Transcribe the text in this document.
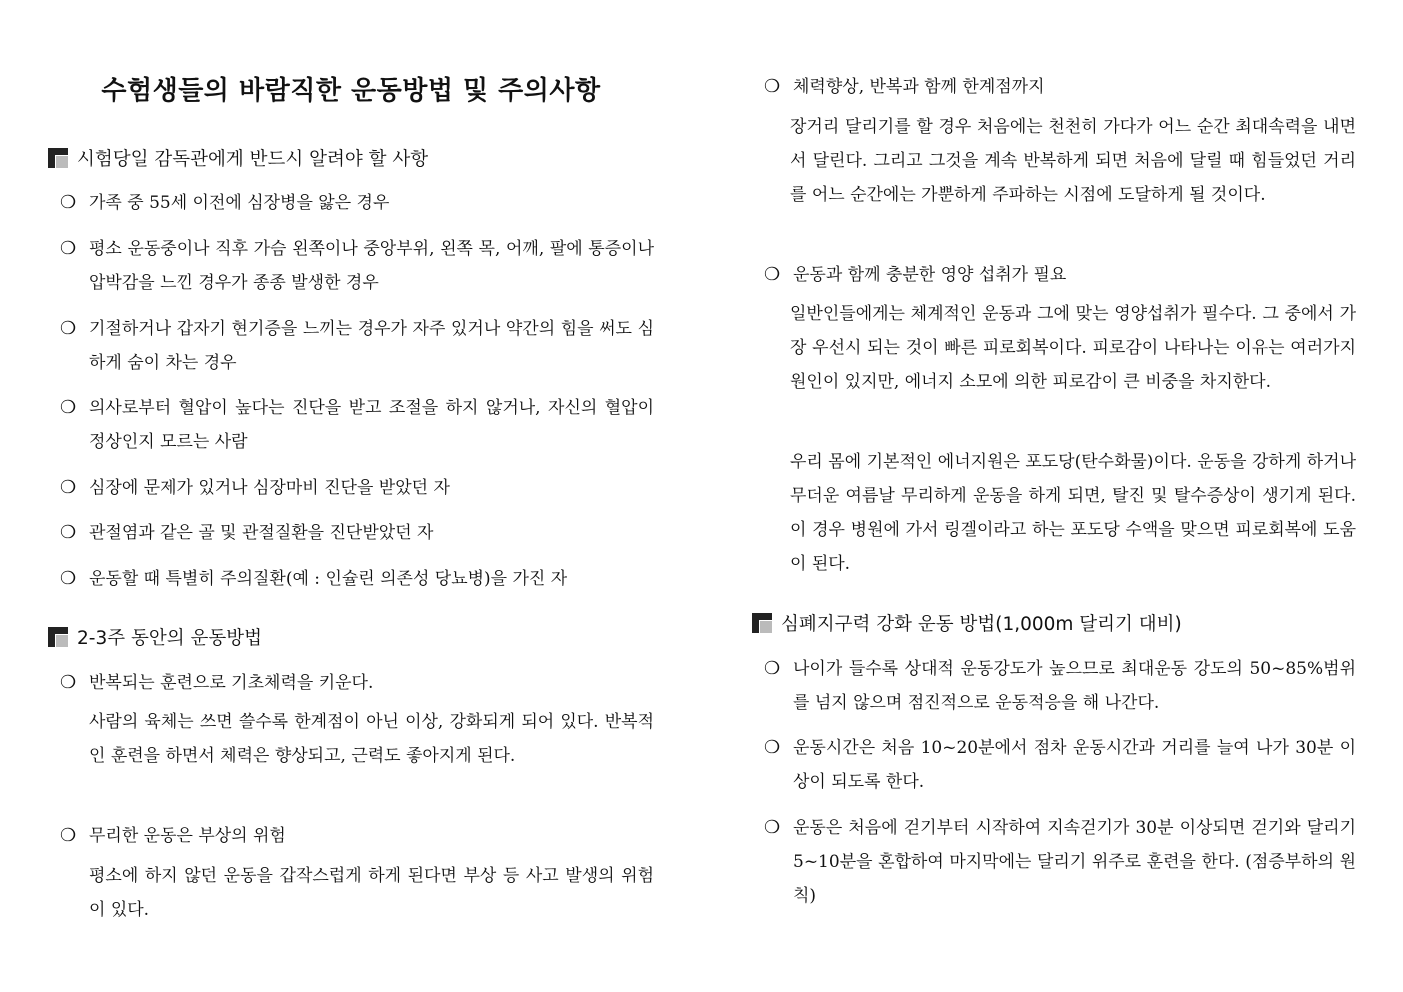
수험생들의 바람직한 운동방법 및 주의사항
시험당일 감독관에게 반드시 알려야 할 사항
❍ 가족 중 55세 이전에 심장병을 앓은 경우
❍ 평소 운동중이나 직후 가슴 왼쪽이나 중앙부위, 왼쪽 목, 어깨, 팔에 통증이나 압박감을 느낀 경우가 종종 발생한 경우
❍ 기절하거나 갑자기 현기증을 느끼는 경우가 자주 있거나 약간의 힘을 써도 심하게 숨이 차는 경우
❍ 의사로부터 혈압이 높다는 진단을 받고 조절을 하지 않거나, 자신의 혈압이 정상인지 모르는 사람
❍ 심장에 문제가 있거나 심장마비 진단을 받았던 자
❍ 관절염과 같은 골 및 관절질환을 진단받았던 자
❍ 운동할 때 특별히 주의질환(예 : 인슐린 의존성 당뇨병)을 가진 자
2-3주 동안의 운동방법
❍ 반복되는 훈련으로 기초체력을 키운다.

사람의 육체는 쓰면 쓸수록 한계점이 아닌 이상, 강화되게 되어 있다. 반복적인 훈련을 하면서 체력은 향상되고, 근력도 좋아지게 된다.

❍ 무리한 운동은 부상의 위험

평소에 하지 않던 운동을 갑작스럽게 하게 된다면 부상 등 사고 발생의 위험이 있다.

❍ 체력향상, 반복과 함께 한계점까지

장거리 달리기를 할 경우 처음에는 천천히 가다가 어느 순간 최대속력을 내면서 달린다. 그리고 그것을 계속 반복하게 되면 처음에 달릴 때 힘들었던 거리를 어느 순간에는 가뿐하게 주파하는 시점에 도달하게 될 것이다.

❍ 운동과 함께 충분한 영양 섭취가 필요

일반인들에게는 체계적인 운동과 그에 맞는 영양섭취가 필수다. 그 중에서 가장 우선시 되는 것이 빠른 피로회복이다. 피로감이 나타나는 이유는 여러가지 원인이 있지만, 에너지 소모에 의한 피로감이 큰 비중을 차지한다.

우리 몸에 기본적인 에너지원은 포도당(탄수화물)이다. 운동을 강하게 하거나 무더운 여름날 무리하게 운동을 하게 되면, 탈진 및 탈수증상이 생기게 된다. 이 경우 병원에 가서 링겔이라고 하는 포도당 수액을 맞으면 피로회복에 도움이 된다.

심폐지구력 강화 운동 방법(1,000m 달리기 대비)
❍ 나이가 들수록 상대적 운동강도가 높으므로 최대운동 강도의 50~85%범위를 넘지 않으며 점진적으로 운동적응을 해 나간다.
❍ 운동시간은 처음 10~20분에서 점차 운동시간과 거리를 늘여 나가 30분 이상이 되도록 한다.
❍ 운동은 처음에 걷기부터 시작하여 지속걷기가 30분 이상되면 걷기와 달리기 5~10분을 혼합하여 마지막에는 달리기 위주로 훈련을 한다. (점증부하의 원칙)
